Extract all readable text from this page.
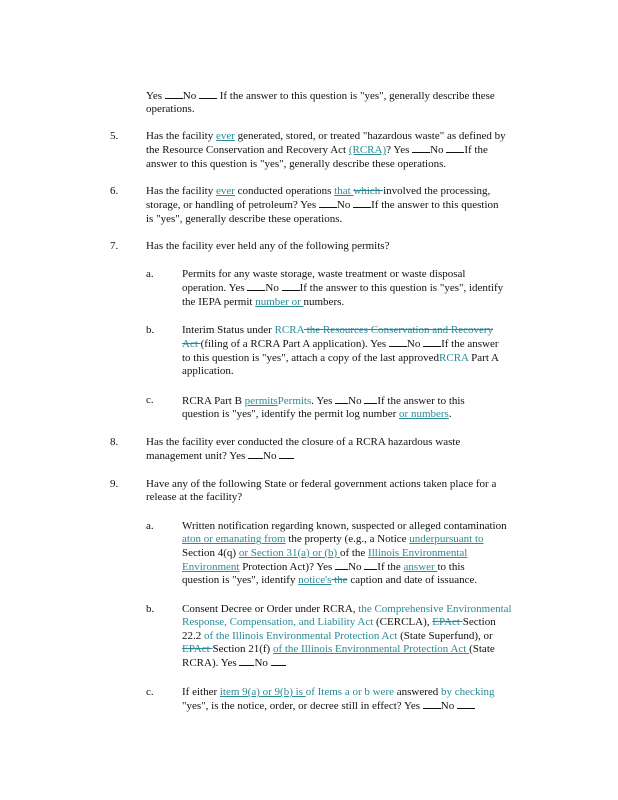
Yes No  If the answer to this question is "yes", generally describe these
operations.
5.	Has the facility ever generated, stored, or treated "hazardous waste" as defined by
the Resource Conservation and Recovery Act (RCRA)? Yes No If the
answer to this question is "yes", generally describe these operations.
6.	Has the facility ever conducted operations that which involved the processing,
storage, or handling of petroleum? Yes No If the answer to this question
is "yes", generally describe these operations.
7.	Has the facility ever held any of the following permits?
a.	Permits for any waste storage, waste treatment or waste disposal
operation. Yes No If the answer to this question is "yes", identify
the IEPA permit number or numbers.
b.	Interim Status under RCRA the Resources Conservation and Recovery
Act (filing of a RCRA Part A application). Yes No If the answer
to this question is "yes", attach a copy of the last approvedRCRA Part A
application.
c.	RCRA Part B permitsPermits. Yes No If the answer to this
question is "yes", identify the permit log number or numbers.
8.	Has the facility ever conducted the closure of a RCRA hazardous waste
management unit? Yes No
9.	Have any of the following State or federal government actions taken place for a
release at the facility?
a.	Written notification regarding known, suspected or alleged contamination
aton or emanating from the property (e.g., a Notice underpursuant to
Section 4(q) or Section 31(a) or (b) of the Illinois Environmental
Environment Protection Act)? Yes No If the answer to this
question is "yes", identify notice's the caption and date of issuance.
b.	Consent Decree or Order under RCRA, the Comprehensive Environmental
Response, Compensation, and Liability Act (CERCLA), EPAct Section
22.2 of the Illinois Environmental Protection Act (State Superfund), or
EPAct Section 21(f) of the Illinois Environmental Protection Act (State
RCRA). Yes No
c.	If either item 9(a) or 9(b) is of Items a or b were answered by checking
"yes", is the notice, order, or decree still in effect? Yes No
